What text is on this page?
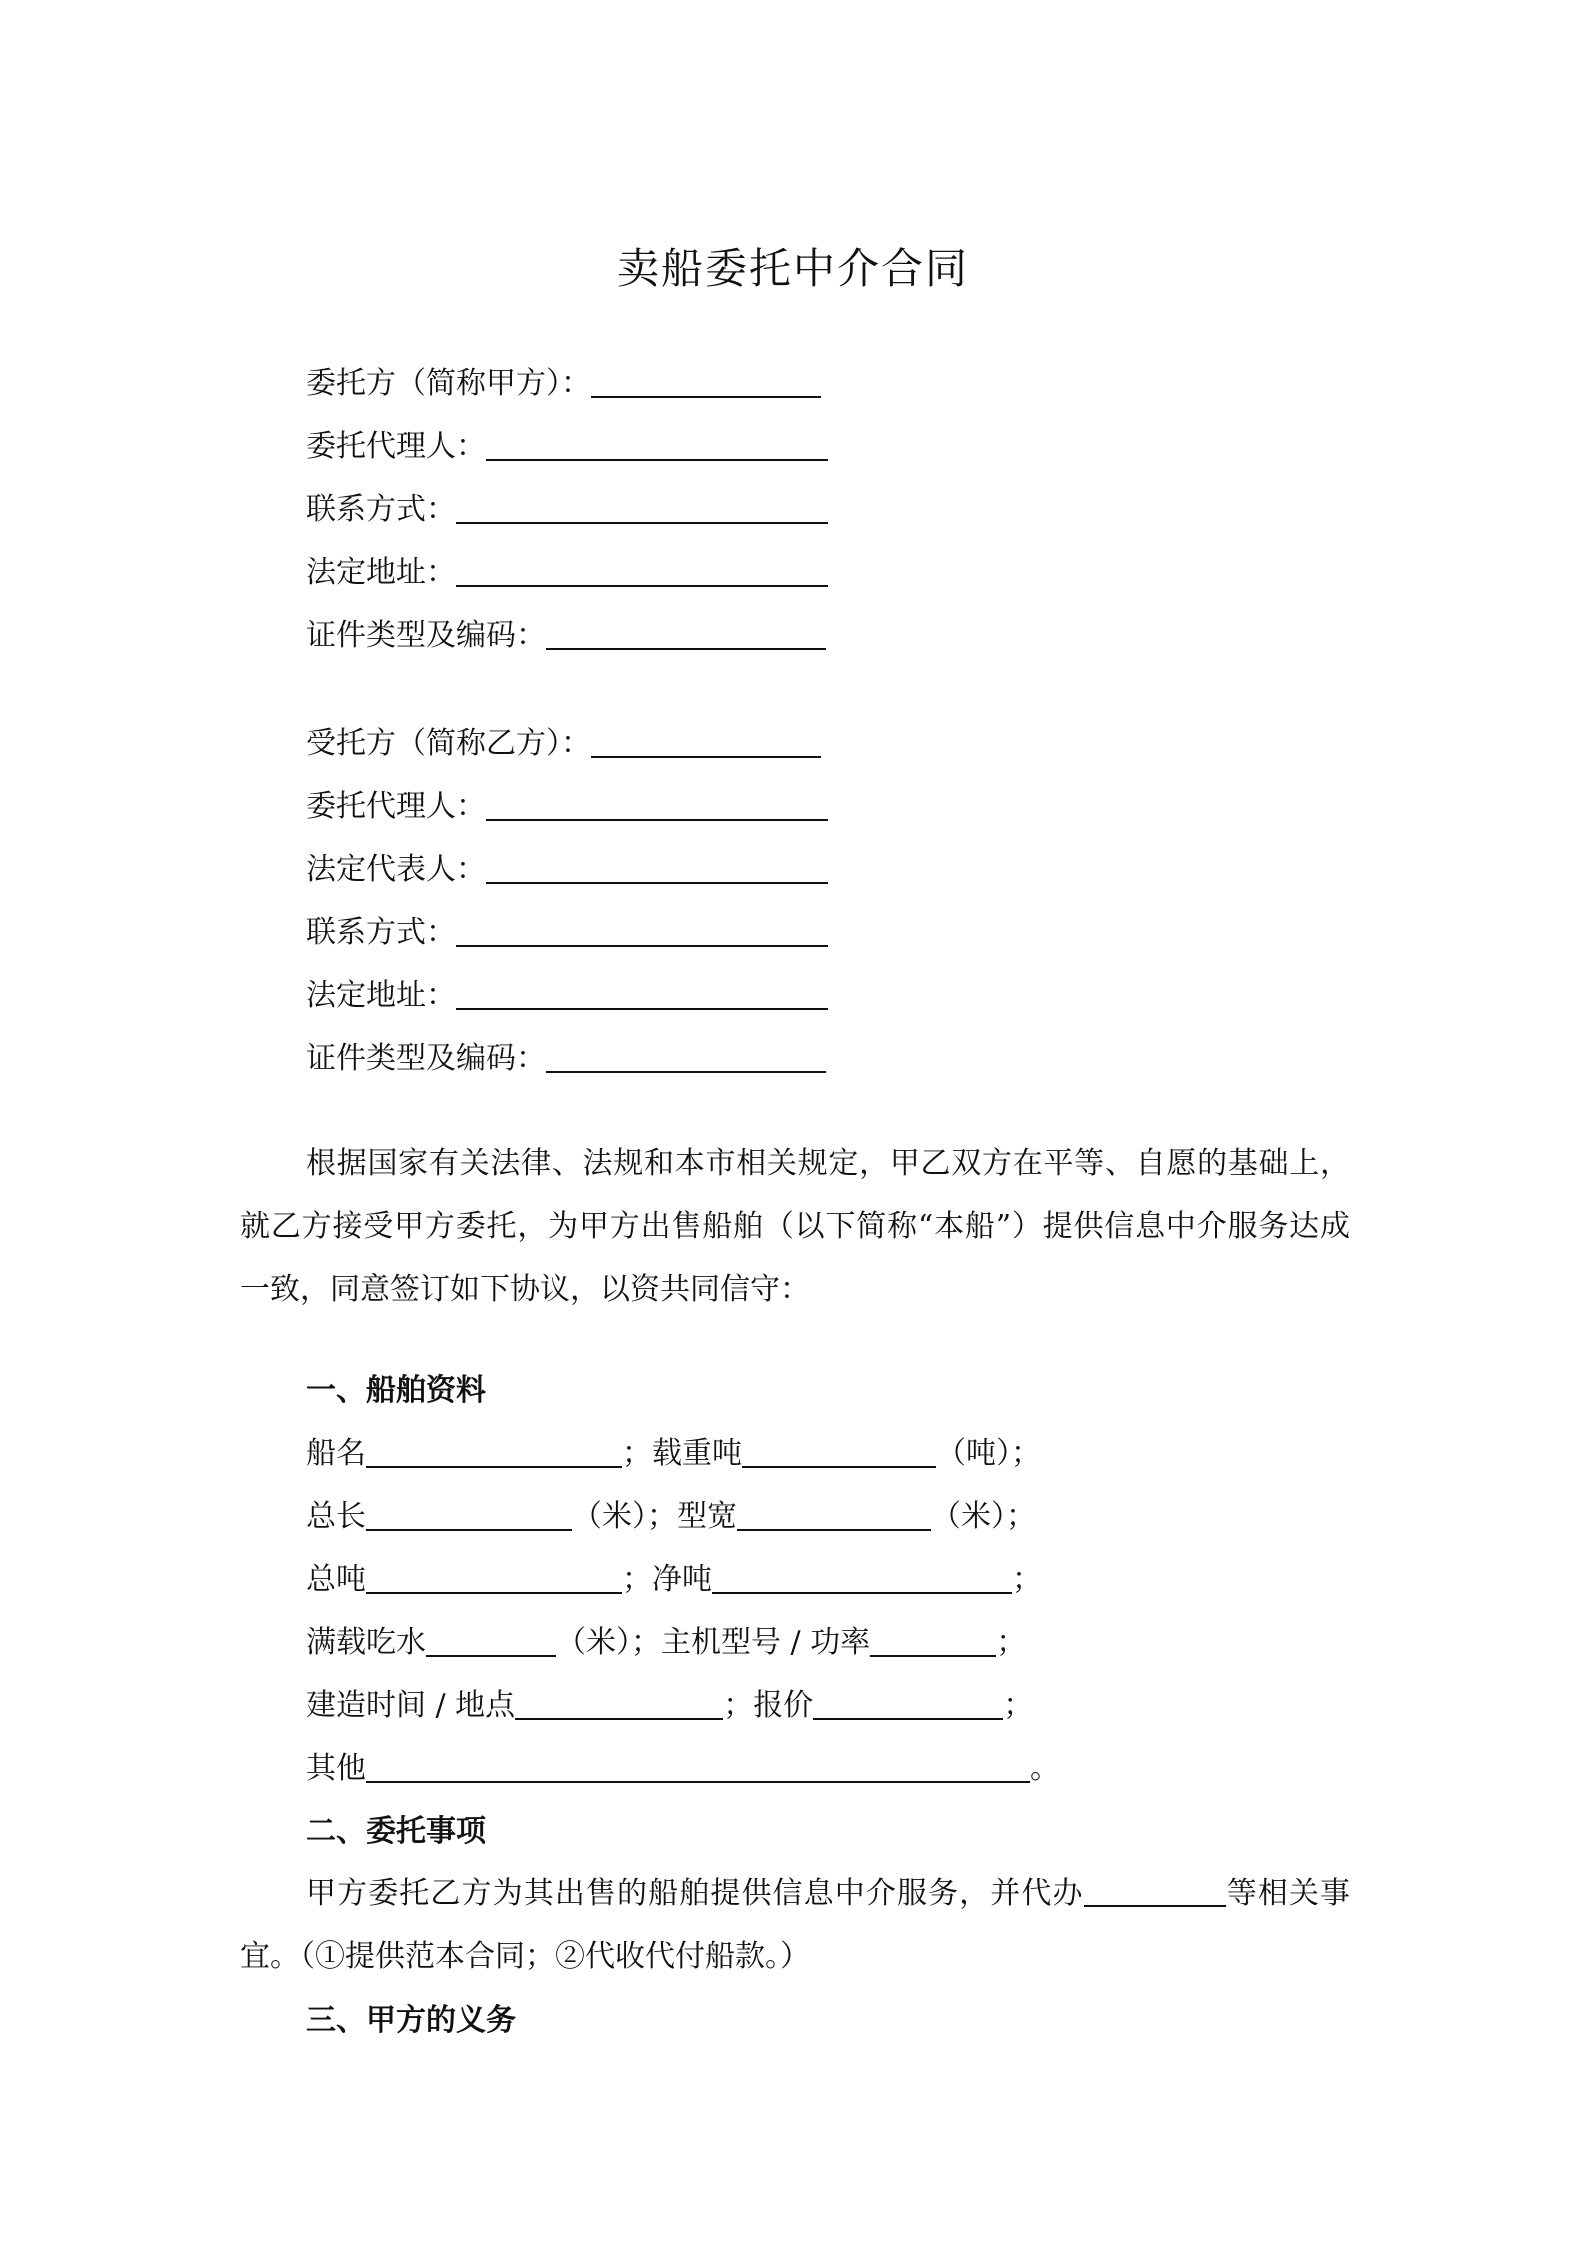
卖船委托中介合同
委托方（简称甲方）：
委托代理人：
联系方式：
法定地址：
证件类型及编码：
受托方（简称乙方）：
委托代理人：
法定代表人：
联系方式：
法定地址：
证件类型及编码：
根据国家有关法律、法规和本市相关规定，甲乙双方在平等、自愿的基础上，就乙方接受甲方委托，为甲方出售船舶（以下简称“本船”）提供信息中介服务达成一致，同意签订如下协议，以资共同信守：
一、船舶资料
船名	； 载重吨	（吨）；
总长	（米）； 型宽	（米）；
总吨	； 净吨	；
满载吃水	（米）； 主机型号 / 功率	；
建造时间 / 地点	； 报价	；
其他	。
二、委托事项
甲方委托乙方为其出售的船舶提供信息中介服务，并代办	等相关事宜。（①提供范本合同；②代收代付船款。）
三、甲方的义务
